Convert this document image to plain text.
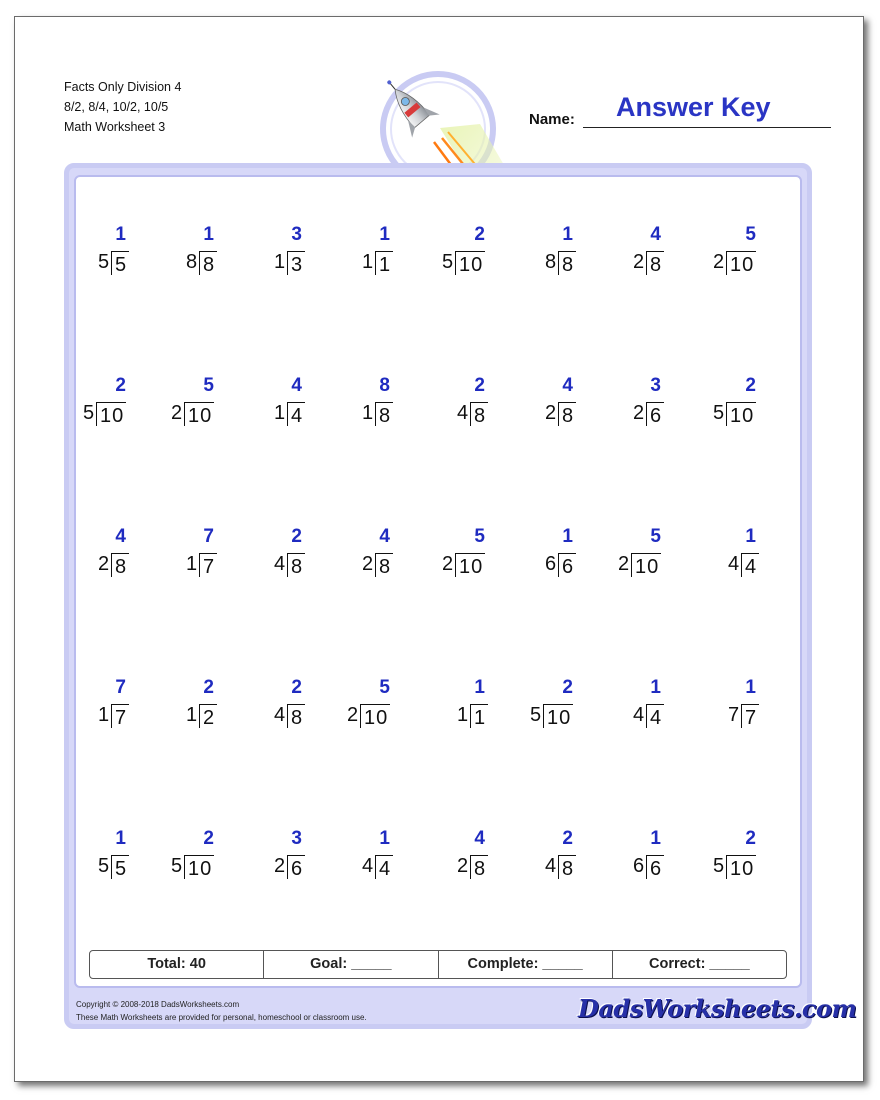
Facts Only Division 4
8/2, 8/4, 10/2, 10/5
Math Worksheet 3	Name: Answer Key
1
5 5
1
8 8
3
1 3
1
1 1
2
5 10
1
8 8
4
2 8
5
2 10
2
5 10
5
2 10
4
1 4
8
1 8
2
4 8
4
2 8
3
2 6
2
5 10
4
2 8
7
1 7
2
4 8
4
2 8
5
2 10
1
6 6
5
2 10
1
4 4
7
1 7
2
1 2
2
4 8
5
2 10
1
1 1
2
5 10
1
4 4
1
7 7
1
5 5
2
5 10
3
2 6
1
4 4
4
2 8
2
4 8
1
6 6
2
5 10
Total: 40	Goal: _____	Complete: _____	Correct: _____
Copyright © 2008-2018 DadsWorksheets.com
These Math Worksheets are provided for personal, homeschool or classroom use.	DadsWorksheets.com
